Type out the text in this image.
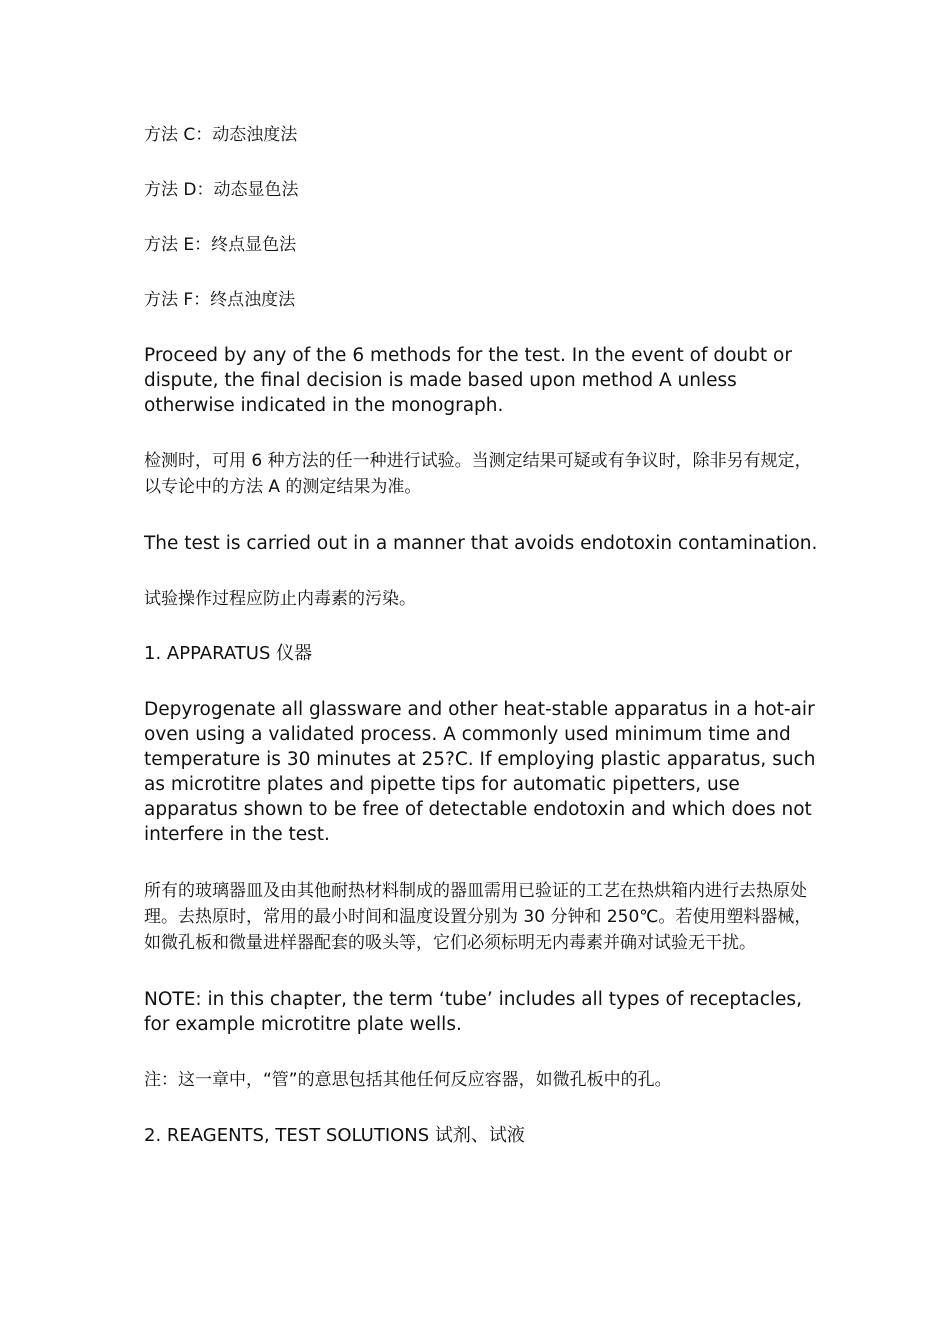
方法 C：动态浊度法

方法 D：动态显色法

方法 E：终点显色法

方法 F：终点浊度法

Proceed by any of the 6 methods for the test. In the event of doubt or dispute, the final decision is made based upon method A unless otherwise indicated in the monograph.

检测时，可用 6 种方法的任一种进行试验。当测定结果可疑或有争议时，除非另有规定，以专论中的方法 A 的测定结果为准。

The test is carried out in a manner that avoids endotoxin contamination.

试验操作过程应防止内毒素的污染。

1. APPARATUS 仪器

Depyrogenate all glassware and other heat-stable apparatus in a hot-air oven using a validated process. A commonly used minimum time and temperature is 30 minutes at 25?C. If employing plastic apparatus, such as microtitre plates and pipette tips for automatic pipetters, use apparatus shown to be free of detectable endotoxin and which does not interfere in the test.

所有的玻璃器皿及由其他耐热材料制成的器皿需用已验证的工艺在热烘箱内进行去热原处理。去热原时，常用的最小时间和温度设置分别为 30 分钟和 250℃。若使用塑料器械，如微孔板和微量进样器配套的吸头等，它们必须标明无内毒素并确对试验无干扰。

NOTE: in this chapter, the term ‘tube’ includes all types of receptacles, for example microtitre plate wells.

注：这一章中，“管”的意思包括其他任何反应容器，如微孔板中的孔。

2. REAGENTS, TEST SOLUTIONS 试剂、试液
